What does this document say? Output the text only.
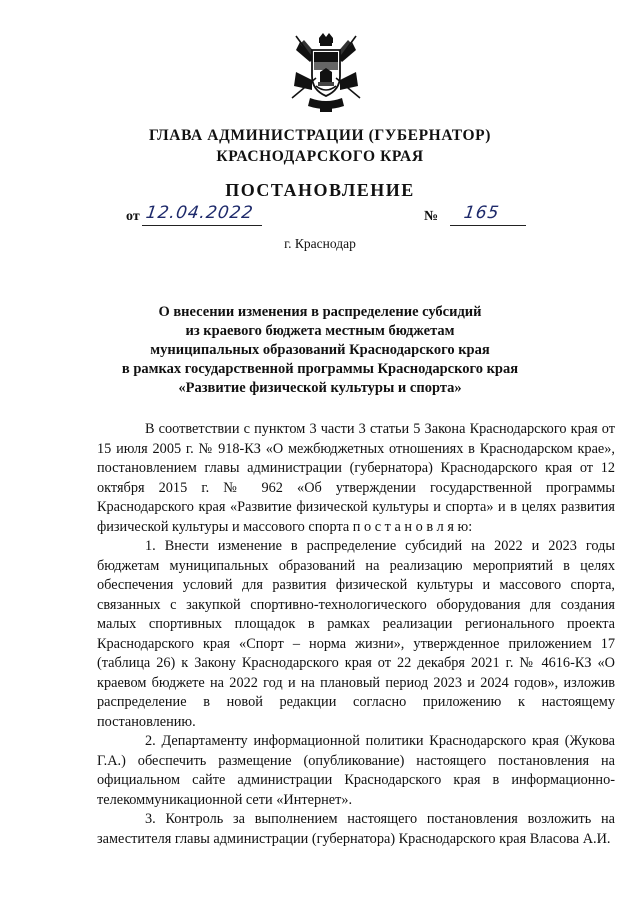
ГЛАВА АДМИНИСТРАЦИИ (ГУБЕРНАТОР)
КРАСНОДАРСКОГО КРАЯ
ПОСТАНОВЛЕНИЕ
от 12.04.2022	№ 165
г. Краснодар
О внесении изменения в распределение субсидий
из краевого бюджета местным бюджетам
муниципальных образований Краснодарского края
в рамках государственной программы Краснодарского края
«Развитие физической культуры и спорта»

В соответствии с пунктом 3 части 3 статьи 5 Закона Краснодарского края от 15 июля 2005 г. № 918-КЗ «О межбюджетных отношениях в Краснодарском крае», постановлением главы администрации (губернатора) Краснодарского края от 12 октября 2015 г. № 962 «Об утверждении государственной программы Краснодарского края «Развитие физической культуры и спорта» и в целях развития физической культуры и массового спорта п о с т а н о в л я ю:

1. Внести изменение в распределение субсидий на 2022 и 2023 годы бюджетам муниципальных образований на реализацию мероприятий в целях обеспечения условий для развития физической культуры и массового спорта, связанных с закупкой спортивно-технологического оборудования для создания малых спортивных площадок в рамках реализации регионального проекта Краснодарского края «Спорт – норма жизни», утвержденное приложением 17 (таблица 26) к Закону Краснодарского края от 22 декабря 2021 г. № 4616-КЗ «О краевом бюджете на 2022 год и на плановый период 2023 и 2024 годов», изложив распределение в новой редакции согласно приложению к настоящему постановлению.

2. Департаменту информационной политики Краснодарского края (Жукова Г.А.) обеспечить размещение (опубликование) настоящего постановления на официальном сайте администрации Краснодарского края в информационно-телекоммуникационной сети «Интернет».

3. Контроль за выполнением настоящего постановления возложить на заместителя главы администрации (губернатора) Краснодарского края Власова А.И.
